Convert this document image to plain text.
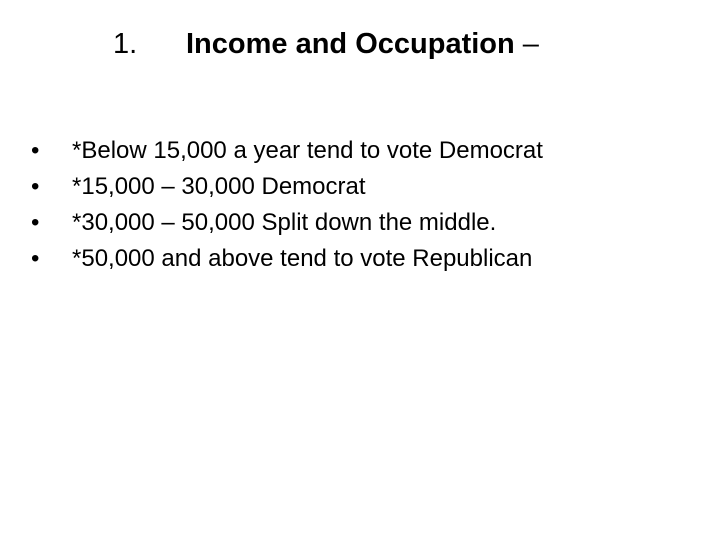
1. Income and Occupation –
• *Below 15,000 a year tend to vote Democrat
• *15,000 – 30,000 Democrat
• *30,000 – 50,000 Split down the middle.
• *50,000 and above tend to vote Republican
